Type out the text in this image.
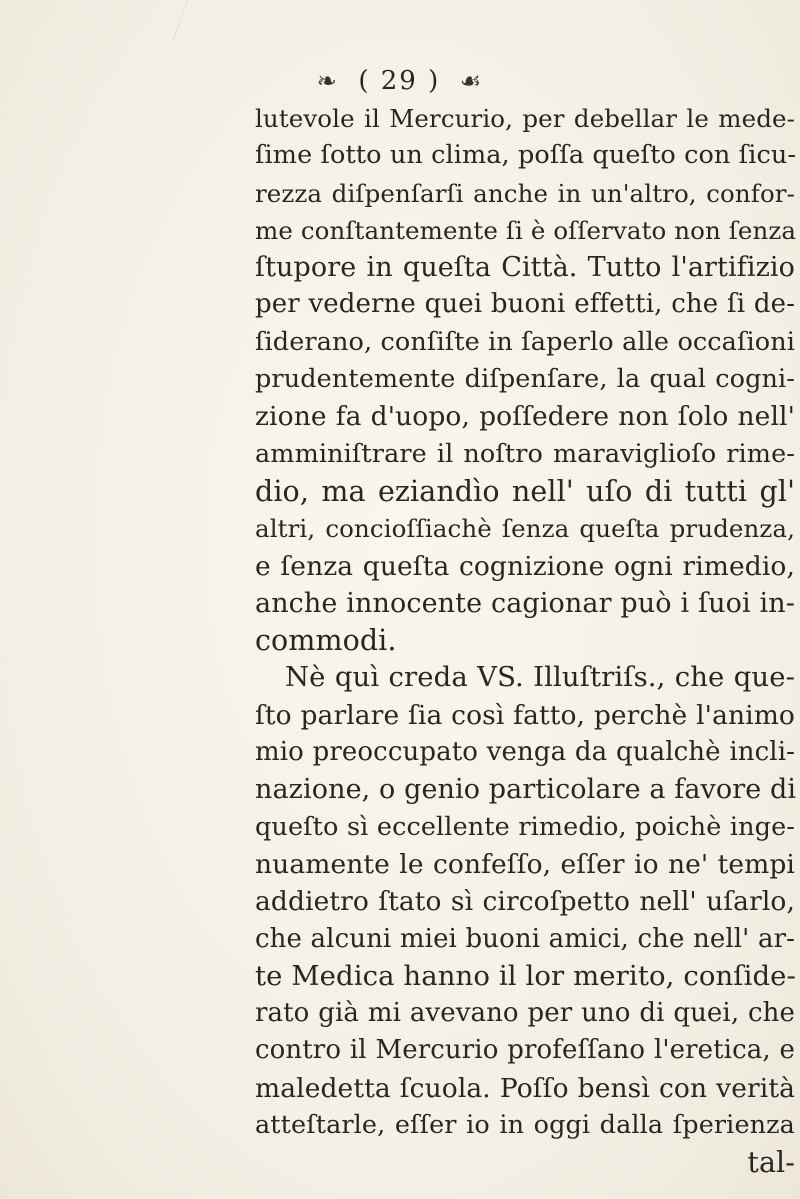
❧ ( 29 ) ☙
lutevole il Mercurio, per debellar le mede-
ſime ſotto un clima, poſſa queſto con ſicu-
rezza diſpenſarſi anche in un'altro, confor-
me conſtantemente ſi è oſſervato non ſenza
ſtupore in queſta Città. Tutto l'artifizio
per vederne quei buoni effetti, che ſi de-
ſiderano, conſiſte in ſaperlo alle occaſioni
prudentemente diſpenſare, la qual cogni-
zione fa d'uopo, poſſedere non ſolo nell'
amminiſtrare il noſtro maraviglioſo rime-
dio, ma eziandìo nell' uſo di tutti gl'
altri, concioſſiachè ſenza queſta prudenza,
e ſenza queſta cognizione ogni rimedio,
anche innocente cagionar può i ſuoi in-
commodi.
Nè quì creda VS. Illuſtriſs., che que-
ſto parlare ſia così fatto, perchè l'animo
mio preoccupato venga da qualchè incli-
nazione, o genio particolare a favore di
queſto sì eccellente rimedio, poichè inge-
nuamente le confeſſo, eſſer io ne' tempi
addietro ſtato sì circoſpetto nell' uſarlo,
che alcuni miei buoni amici, che nell' ar-
te Medica hanno il lor merito, conſide-
rato già mi avevano per uno di quei, che
contro il Mercurio profeſſano l'eretica, e
maledetta ſcuola. Poſſo bensì con verità
atteſtarle, eſſer io in oggi dalla ſperienza
tal-
